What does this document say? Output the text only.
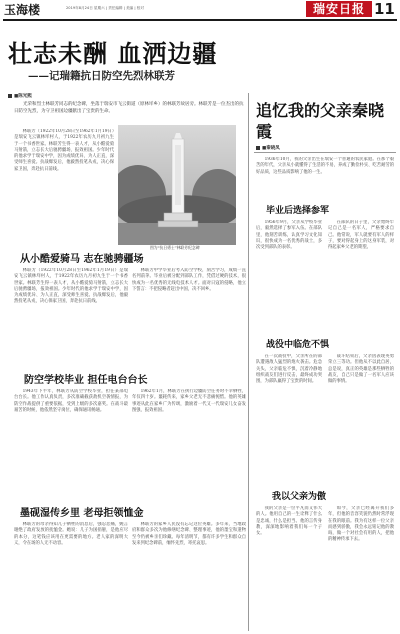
玉海楼	2019年8月24日 星期六 | 责任编辑 | 美编 | 校对	瑞安日报 11
壮志未酬 血洒边疆
——记瑞籍抗日防空先烈林联芳
■陈光熙
光荣和烈士林联芳同志的纪念碑，坐落于瑞安市飞云街道（原林垟乡）的林联芳故居旁。林联芳是一位杰出的抗日防空先烈，为守卫祖国边疆献出了宝贵的生命。
图为“抗日勇士”林联芳纪念碑
林联芳（1922年10月28日至1962年1月19日）是瑞安飞云镇林垟村人，于1922年农历九月初九生于一个书香世家。林联芳生得一表人才，从小酷爱骑马射箭，立志长大后驰骋疆场，报效祖国。少年时代的他求学于瑞安中学，因为成绩优异、为人正直，深受师生喜爱。抗战爆发后，他毅然投笔从戎，决心保家卫国，奔赴抗日前线。
从小酷爱骑马 志在驰骋疆场
林联芳（1922年10月28日至1962年1月19日）是瑞安飞云镇林垟村人，于1922年农历九月初九生于一个书香世家。林联芳生得一表人才，从小酷爱骑马射箭，立志长大后驰骋疆场，报效祖国。少年时代的他求学于瑞安中学，因为成绩优异、为人正直，深受师生喜爱。抗战爆发后，他毅然投笔从戎，决心保家卫国，奔赴抗日前线。
林联芳中学毕业后考入防空学校，刻苦学习，成绩一直名列前茅。毕业后被分配到部队工作，凭借过硬的技术，很快成为一名优秀的无线电技术人才。面对日寇的侵略，他立下誓言：不把侵略者赶出中国，决不回乡。
防空学校毕业 担任电台台长
1943年下半年，林联芳从防空学校毕业，担任某部电台台长。他工作认真负责，多次准确截获敌机空袭情报，为防空作战提供了重要依据，受到上级的多次嘉奖。在战斗最艰苦的时候，他依然坚守岗位，确保通讯畅通。
1962年1月，林联芳在执行边疆防空任务时不幸牺牲，年仅四十岁。噩耗传来，家乡父老无不悲痛惋惜。他的英雄事迹从此在家乡广为传颂，激励着一代又一代瑞安儿女奋发图强、报效祖国。
墨砚湿传乡里 老母拒领恤金
林联芳的母亲得知儿子牺牲的消息后，强忍悲痛，婉言谢绝了政府发放的抚恤金。她说：儿子为国捐躯，是他应尽的本分，这笔钱应该用在更需要的地方。老人家的深明大义，令在场的人无不动容。
林联芳的家乡人民没有忘记这位英雄。多年来，当地政府和群众多次为他修缮纪念碑、整理事迹，他的墨宝和遗物至今仍被乡亲们珍藏。每年清明节，都有许多学生和群众自发来到纪念碑前，缅怀先烈，寄托哀思。
追忆我的父亲秦晓霞
■秦晓凤
1936年10月，我的父亲出生在瑞安一个普通的农民家庭。在那个艰苦的年代，父亲从小就懂得了生活的不易，养成了勤俭朴实、吃苦耐劳的好品质，这些品质影响了他的一生。
毕业后选择参军
1956年9月，父亲从学校毕业后，毅然选择了参军入伍。在部队里，他刻苦训练，认真学习文化知识，很快成为一名优秀的战士，多次受到部队的表彰。
在部队的日子里，父亲始终牢记自己是一名军人，严格要求自己。他常说，军人就要有军人的样子，要对得起身上的这身军装，对得起家乡父老的期望。
战役中临危不惧
在一次战役中，父亲所在的部队遭遇敌人猛烈的炮火袭击。危急关头，父亲临危不惧，沉着冷静地组织战友们进行反击，最终成功突围，为部队赢得了宝贵的时间。
战斗结束后，父亲因表现英勇荣立三等功。但他从不以此自居，总是说，真正的英雄是那些牺牲的战友，自己只是做了一名军人应该做的事情。
我以父亲为傲
我的父亲是一位平凡而又伟大的人。他用自己的一生诠释了什么是忠诚，什么是担当。他的言传身教，深深地影响着我们每一个子女。
如今，父亲已经离开我们多年，但他的音容笑貌仍然时常浮现在我的眼前。我为有这样一位父亲而感到骄傲，我会永远铭记他的教诲，做一个对社会有用的人，把他的精神传承下去。
